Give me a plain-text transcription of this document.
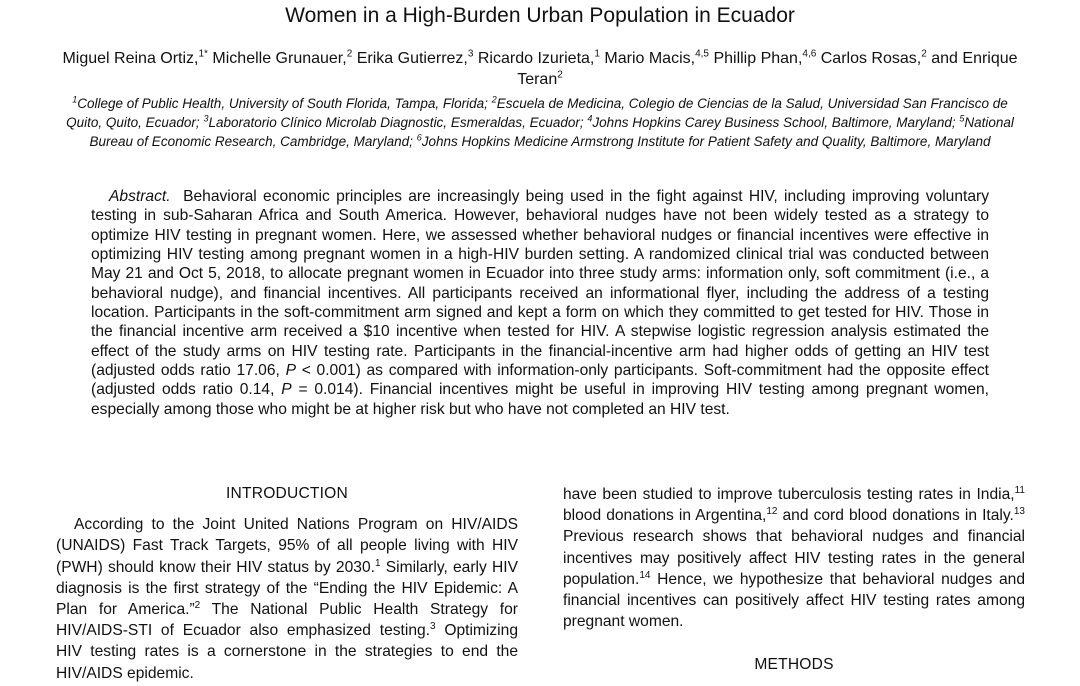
Women in a High-Burden Urban Population in Ecuador

Miguel Reina Ortiz,$^{1*}$ Michelle Grunauer,$^2$ Erika Gutierrez,$^3$ Ricardo Izurieta,$^1$ Mario Macis,$^{4,5}$ Phillip Phan,$^{4,6}$ Carlos Rosas,$^2$ and Enrique Teran$^2$

$^1$College of Public Health, University of South Florida, Tampa, Florida; $^2$Escuela de Medicina, Colegio de Ciencias de la Salud, Universidad San Francisco de Quito, Quito, Ecuador; $^3$Laboratorio Clínico Microlab Diagnostic, Esmeraldas, Ecuador; $^4$Johns Hopkins Carey Business School, Baltimore, Maryland; $^5$National Bureau of Economic Research, Cambridge, Maryland; $^6$Johns Hopkins Medicine Armstrong Institute for Patient Safety and Quality, Baltimore, Maryland

Abstract. Behavioral economic principles are increasingly being used in the fight against HIV, including improving voluntary testing in sub-Saharan Africa and South America. However, behavioral nudges have not been widely tested as a strategy to optimize HIV testing in pregnant women. Here, we assessed whether behavioral nudges or financial incentives were effective in optimizing HIV testing among pregnant women in a high-HIV burden setting. A randomized clinical trial was conducted between May 21 and Oct 5, 2018, to allocate pregnant women in Ecuador into three study arms: information only, soft commitment (i.e., a behavioral nudge), and financial incentives. All participants received an informational flyer, including the address of a testing location. Participants in the soft-commitment arm signed and kept a form on which they committed to get tested for HIV. Those in the financial incentive arm received a $10 incentive when tested for HIV. A stepwise logistic regression analysis estimated the effect of the study arms on HIV testing rate. Participants in the financial-incentive arm had higher odds of getting an HIV test (adjusted odds ratio 17.06, P < 0.001) as compared with information-only participants. Soft-commitment had the opposite effect (adjusted odds ratio 0.14, P = 0.014). Financial incentives might be useful in improving HIV testing among pregnant women, especially among those who might be at higher risk but who have not completed an HIV test.

INTRODUCTION

According to the Joint United Nations Program on HIV/AIDS (UNAIDS) Fast Track Targets, 95% of all people living with HIV (PWH) should know their HIV status by 2030.$^1$ Similarly, early HIV diagnosis is the first strategy of the “Ending the HIV Epidemic: A Plan for America.”$^2$ The National Public Health Strategy for HIV/AIDS-STI of Ecuador also emphasized testing.$^3$ Optimizing HIV testing rates is a cornerstone in the strategies to end the HIV/AIDS epidemic.

have been studied to improve tuberculosis testing rates in India,$^{11}$ blood donations in Argentina,$^{12}$ and cord blood donations in Italy.$^{13}$ Previous research shows that behavioral nudges and financial incentives may positively affect HIV testing rates in the general population.$^{14}$ Hence, we hypothesize that behavioral nudges and financial incentives can positively affect HIV testing rates among pregnant women.

METHODS
